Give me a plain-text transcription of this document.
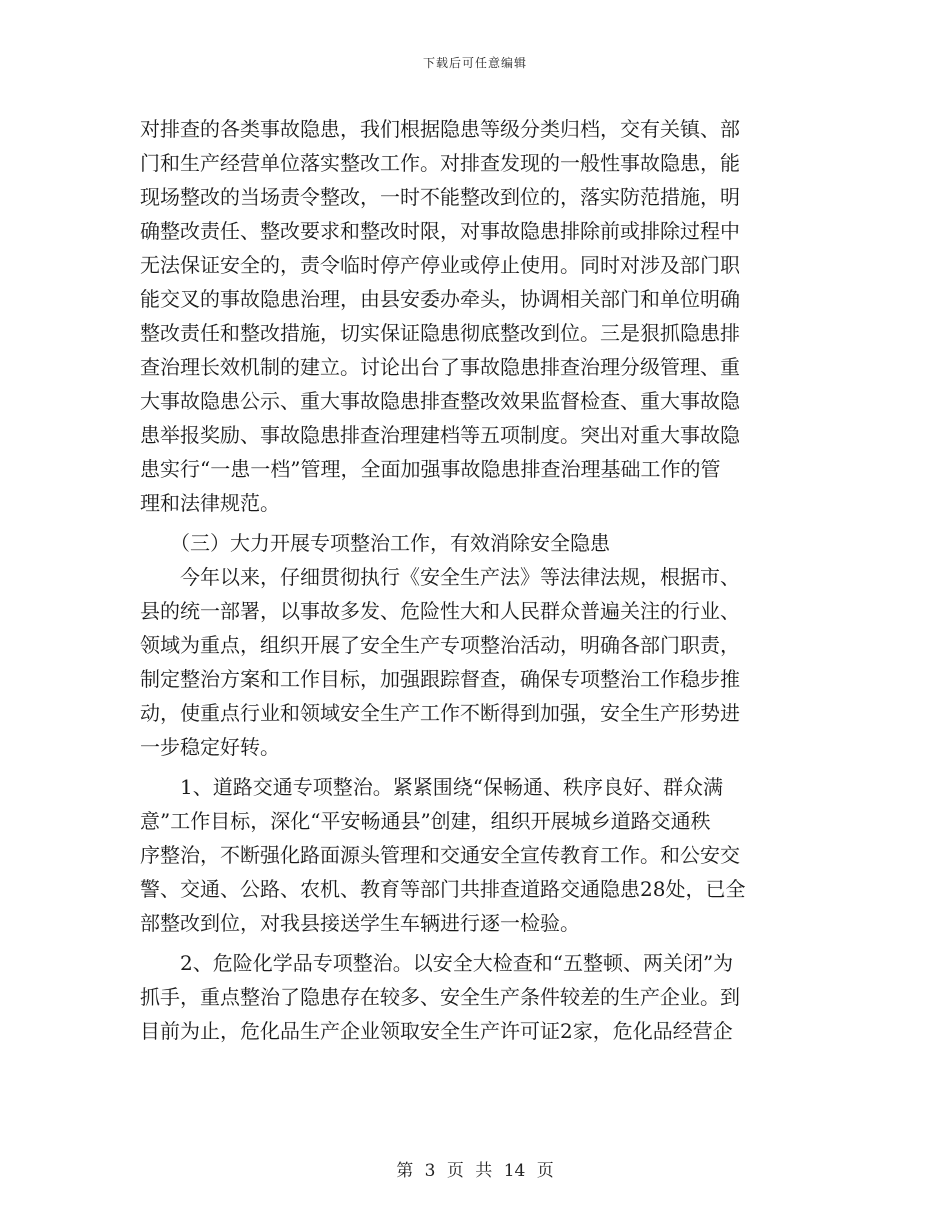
下载后可任意编辑
对排查的各类事故隐患，我们根据隐患等级分类归档，交有关镇、部
门和生产经营单位落实整改工作。对排查发现的一般性事故隐患，能
现场整改的当场责令整改，一时不能整改到位的，落实防范措施，明
确整改责任、整改要求和整改时限，对事故隐患排除前或排除过程中
无法保证安全的，责令临时停产停业或停止使用。同时对涉及部门职
能交叉的事故隐患治理，由县安委办牵头，协调相关部门和单位明确
整改责任和整改措施，切实保证隐患彻底整改到位。三是狠抓隐患排
查治理长效机制的建立。讨论出台了事故隐患排查治理分级管理、重
大事故隐患公示、重大事故隐患排查整改效果监督检查、重大事故隐
患举报奖励、事故隐患排查治理建档等五项制度。突出对重大事故隐
患实行“一患一档”管理，全面加强事故隐患排查治理基础工作的管
理和法律规范。
　　（三）大力开展专项整治工作，有效消除安全隐患
　　今年以来，仔细贯彻执行《安全生产法》等法律法规，根据市、
县的统一部署，以事故多发、危险性大和人民群众普遍关注的行业、
领域为重点，组织开展了安全生产专项整治活动，明确各部门职责，
制定整治方案和工作目标，加强跟踪督查，确保专项整治工作稳步推
动，使重点行业和领域安全生产工作不断得到加强，安全生产形势进
一步稳定好转。
　　1、道路交通专项整治。紧紧围绕“保畅通、秩序良好、群众满
意”工作目标，深化“平安畅通县”创建，组织开展城乡道路交通秩
序整治，不断强化路面源头管理和交通安全宣传教育工作。和公安交
警、交通、公路、农机、教育等部门共排查道路交通隐患28处，已全
部整改到位，对我县接送学生车辆进行逐一检验。
　　2、危险化学品专项整治。以安全大检查和“五整顿、两关闭”为
抓手，重点整治了隐患存在较多、安全生产条件较差的生产企业。到
目前为止，危化品生产企业领取安全生产许可证2家，危化品经营企
第 3 页 共 14 页
